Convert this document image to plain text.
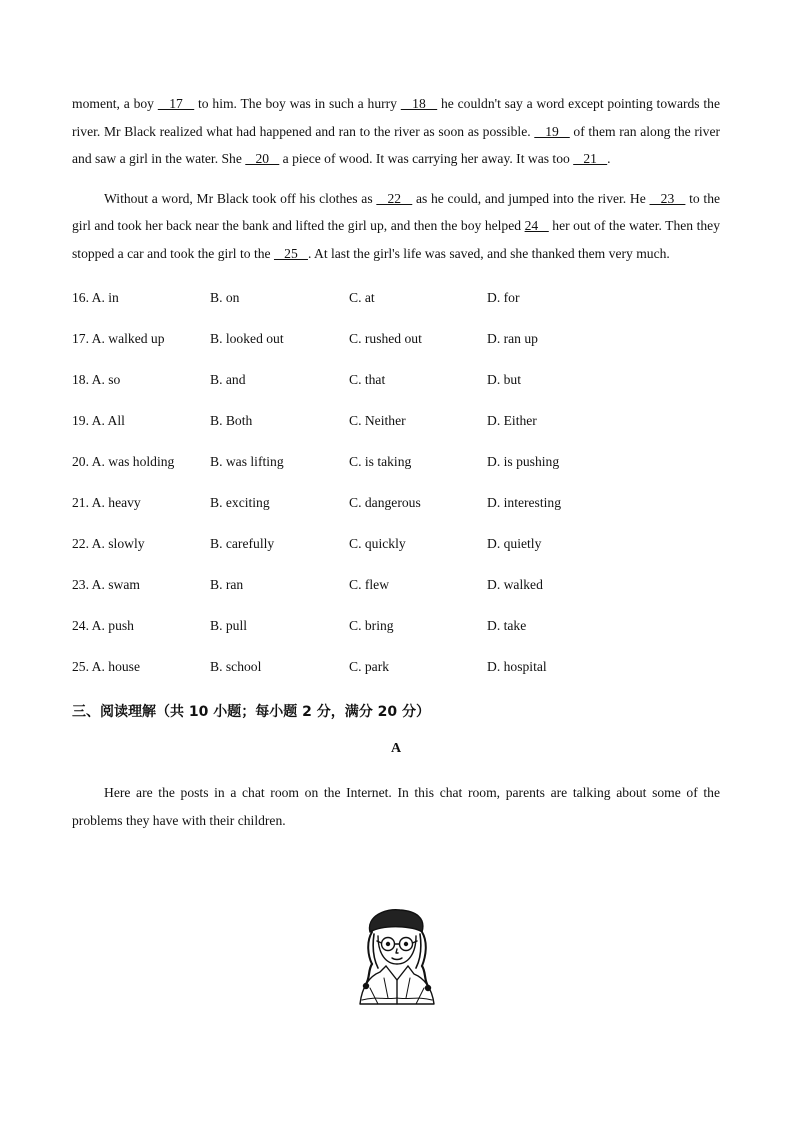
moment, a boy    17    to him. The boy was in such a hurry    18    he couldn't say a word except pointing towards the river. Mr Black realized what had happened and ran to the river as soon as possible.    19    of them ran along the river and saw a girl in the water. She    20    a piece of wood. It was carrying her away. It was too    21   .

Without a word, Mr Black took off his clothes as    22    as he could, and jumped into the river. He    23    to the girl and took her back near the bank and lifted the girl up, and then the boy helped 24    her out of the water. Then they stopped a car and took the girl to the    25   . At last the girl's life was saved, and she thanked them very much.

16. A. in	B. on	C. at	D. for
17. A. walked up	B. looked out	C. rushed out	D. ran up
18. A. so	B. and	C. that	D. but
19. A. All	B. Both	C. Neither	D. Either
20. A. was holding	B. was lifting	C. is taking	D. is pushing
21. A. heavy	B. exciting	C. dangerous	D. interesting
22. A. slowly	B. carefully	C. quickly	D. quietly
23. A. swam	B. ran	C. flew	D. walked
24. A. push	B. pull	C. bring	D. take
25. A. house	B. school	C. park	D. hospital
三、阅读理解（共 10 小题；每小题 2 分，满分 20 分）
A

Here are the posts in a chat room on the Internet. In this chat room, parents are talking about some of the problems they have with their children.
